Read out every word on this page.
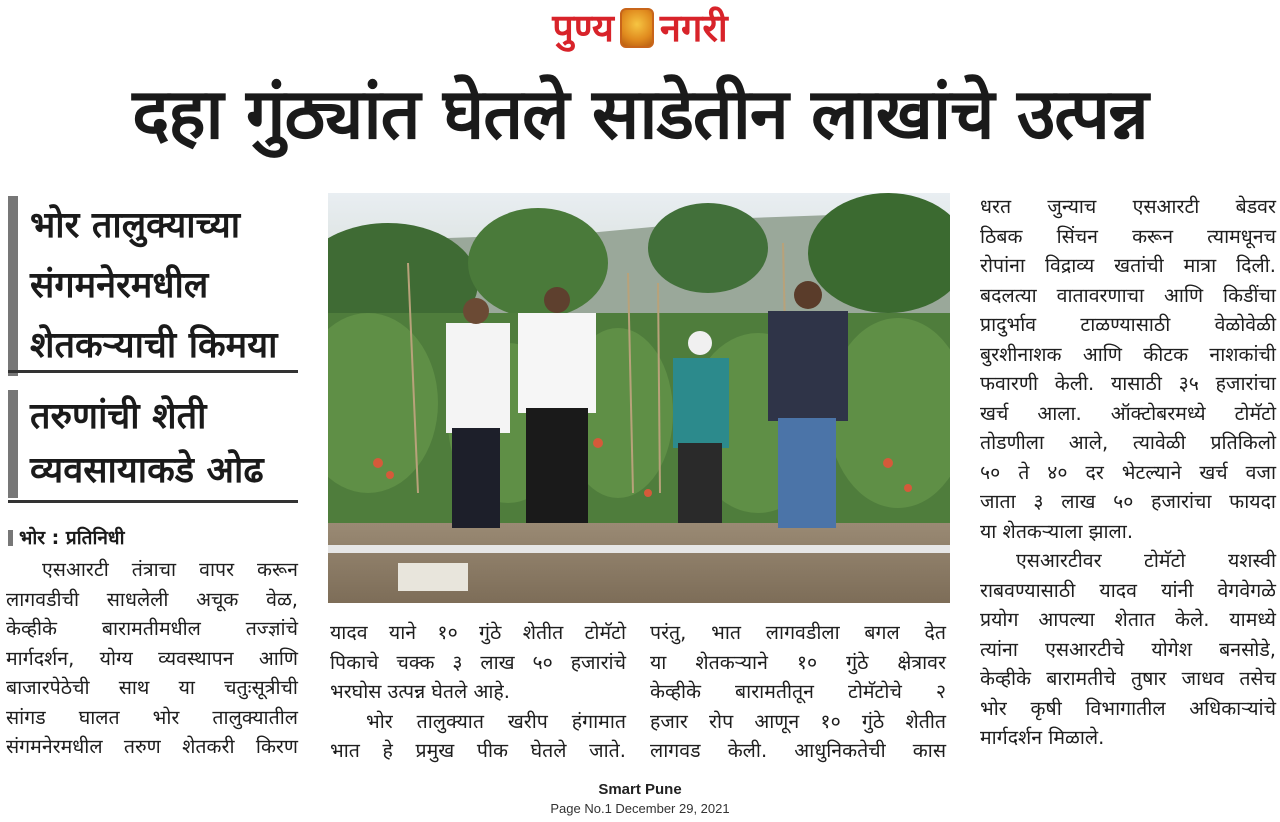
पुण्य नगरी
दहा गुंठ्यांत घेतले साडेतीन लाखांचे उत्पन्न
भोर तालुक्याच्या
संगमनेरमधील
शेतकऱ्याची किमया
तरुणांची शेती
व्यवसायाकडे ओढ
भोर : प्रतिनिधी

एसआरटी तंत्राचा वापर करून

लागवडीची साधलेली अचूक वेळ,

केव्हीके बारामतीमधील तज्ज्ञांचे

मार्गदर्शन, योग्य व्यवस्थापन आणि

बाजारपेठेची साथ या चतुःसूत्रीची

सांगड घालत भोर तालुक्यातील

संगमनेरमधील तरुण शेतकरी किरण

यादव याने १० गुंठे शेतीत टोमॅटो

पिकाचे चक्क ३ लाख ५० हजारांचे

भरघोस उत्पन्न घेतले आहे.

भोर तालुक्यात खरीप हंगामात

भात हे प्रमुख पीक घेतले जाते.

परंतु, भात लागवडीला बगल देत

या शेतकऱ्याने १० गुंठे क्षेत्रावर

केव्हीके बारामतीतून टोमॅटोचे २

हजार रोप आणून १० गुंठे शेतीत

लागवड केली. आधुनिकतेची कास

धरत जुन्याच एसआरटी बेडवर

ठिबक सिंचन करून त्यामधूनच

रोपांना विद्राव्य खतांची मात्रा दिली.

बदलत्या वातावरणाचा आणि किडींचा

प्रादुर्भाव टाळण्यासाठी वेळोवेळी

बुरशीनाशक आणि कीटक नाशकांची

फवारणी केली. यासाठी ३५ हजारांचा

खर्च आला. ऑक्टोबरमध्ये टोमॅटो

तोडणीला आले, त्यावेळी प्रतिकिलो

५० ते ४० दर भेटल्याने खर्च वजा

जाता ३ लाख ५० हजारांचा फायदा

या शेतकऱ्याला झाला.

एसआरटीवर टोमॅटो यशस्वी

राबवण्यासाठी यादव यांनी वेगवेगळे

प्रयोग आपल्या शेतात केले. यामध्ये

त्यांना एसआरटीचे योगेश बनसोडे,

केव्हीके बारामतीचे तुषार जाधव तसेच

भोर कृषी विभागातील अधिकाऱ्यांचे

मार्गदर्शन मिळाले.

Smart Pune
Page No.1 December 29, 2021
